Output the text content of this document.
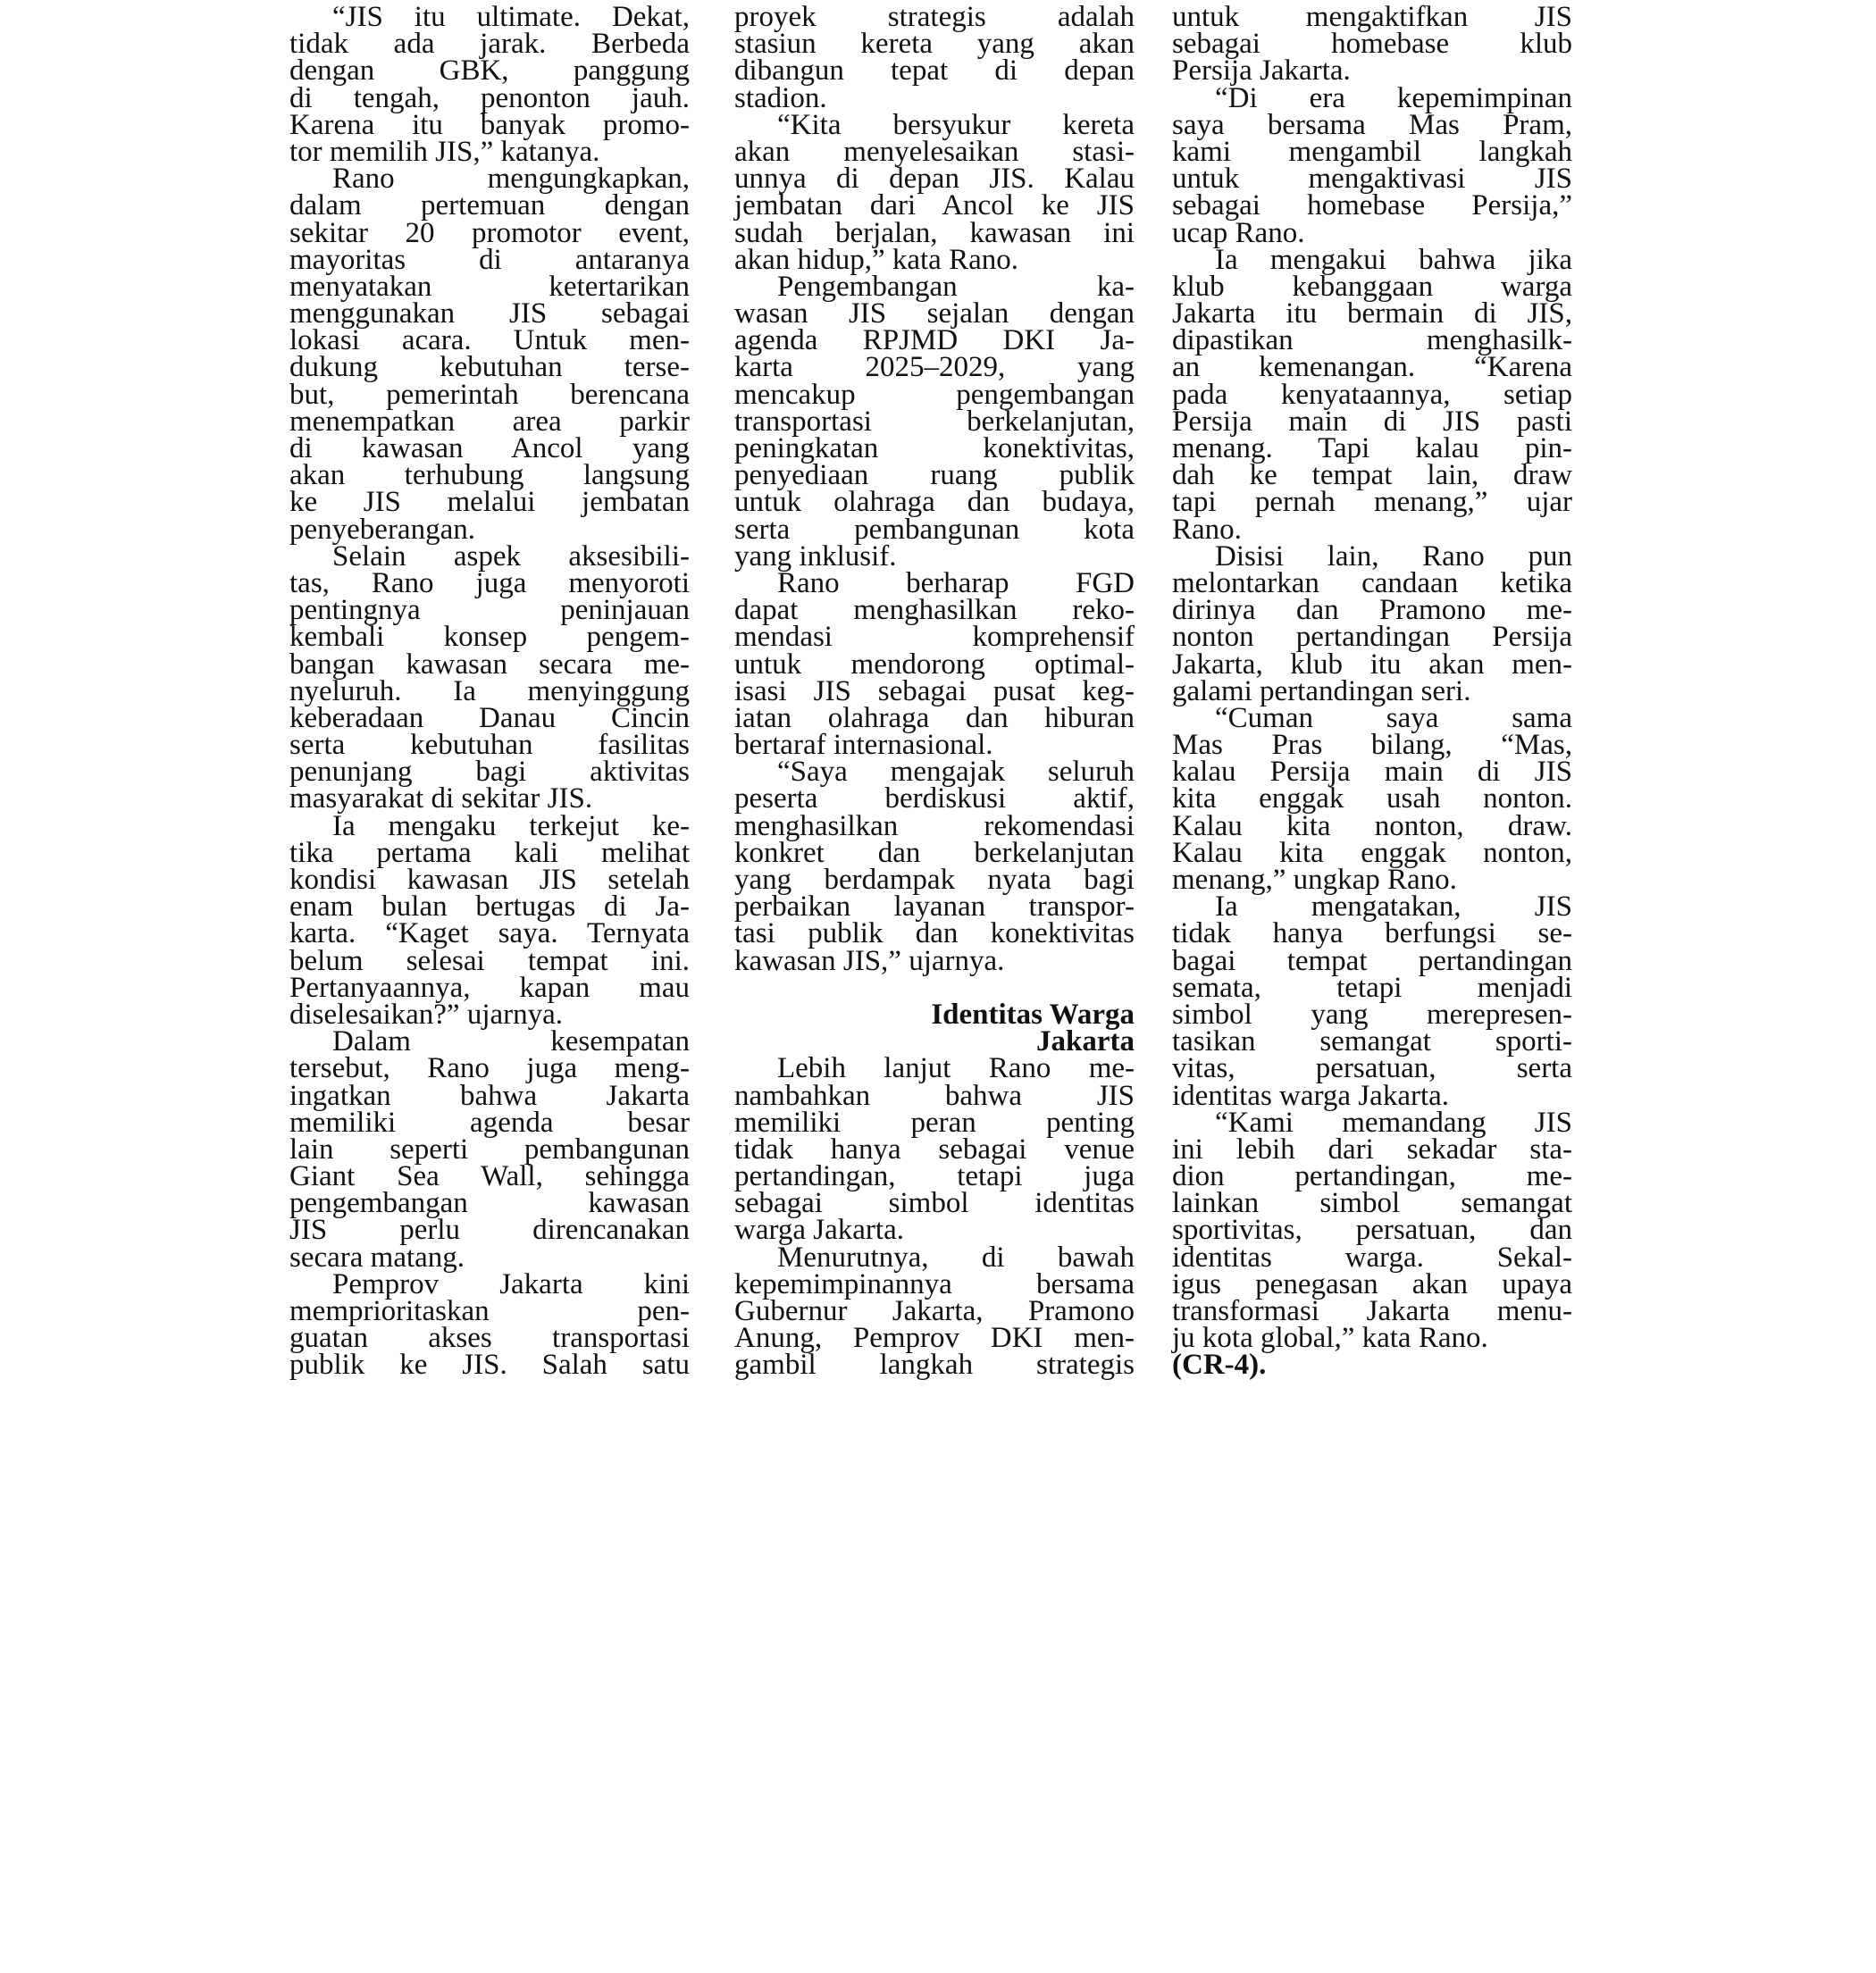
“JIS itu ultimate. Dekat,
tidak ada jarak. Berbeda
dengan GBK, panggung
di tengah, penonton jauh.
Karena itu banyak promo-
tor memilih JIS,” katanya.
Rano mengungkapkan,
dalam pertemuan dengan
sekitar 20 promotor event,
mayoritas di antaranya
menyatakan ketertarikan
menggunakan JIS sebagai
lokasi acara. Untuk men-
dukung kebutuhan terse-
but, pemerintah berencana
menempatkan area parkir
di kawasan Ancol yang
akan terhubung langsung
ke JIS melalui jembatan
penyeberangan.
Selain aspek aksesibili-
tas, Rano juga menyoroti
pentingnya peninjauan
kembali konsep pengem-
bangan kawasan secara me-
nyeluruh. Ia menyinggung
keberadaan Danau Cincin
serta kebutuhan fasilitas
penunjang bagi aktivitas
masyarakat di sekitar JIS.
Ia mengaku terkejut ke-
tika pertama kali melihat
kondisi kawasan JIS setelah
enam bulan bertugas di Ja-
karta. “Kaget saya. Ternyata
belum selesai tempat ini.
Pertanyaannya, kapan mau
diselesaikan?” ujarnya.
Dalam kesempatan
tersebut, Rano juga meng-
ingatkan bahwa Jakarta
memiliki agenda besar
lain seperti pembangunan
Giant Sea Wall, sehingga
pengembangan kawasan
JIS perlu direncanakan
secara matang.
Pemprov Jakarta kini
memprioritaskan pen-
guatan akses transportasi
publik ke JIS. Salah satu
proyek strategis adalah
stasiun kereta yang akan
dibangun tepat di depan
stadion.
“Kita bersyukur kereta
akan menyelesaikan stasi-
unnya di depan JIS. Kalau
jembatan dari Ancol ke JIS
sudah berjalan, kawasan ini
akan hidup,” kata Rano.
Pengembangan ka-
wasan JIS sejalan dengan
agenda RPJMD DKI Ja-
karta 2025–2029, yang
mencakup pengembangan
transportasi berkelanjutan,
peningkatan konektivitas,
penyediaan ruang publik
untuk olahraga dan budaya,
serta pembangunan kota
yang inklusif.
Rano berharap FGD
dapat menghasilkan reko-
mendasi komprehensif
untuk mendorong optimal-
isasi JIS sebagai pusat keg-
iatan olahraga dan hiburan
bertaraf internasional.
“Saya mengajak seluruh
peserta berdiskusi aktif,
menghasilkan rekomendasi
konkret dan berkelanjutan
yang berdampak nyata bagi
perbaikan layanan transpor-
tasi publik dan konektivitas
kawasan JIS,” ujarnya.
Identitas Warga
Jakarta
Lebih lanjut Rano me-
nambahkan bahwa JIS
memiliki peran penting
tidak hanya sebagai venue
pertandingan, tetapi juga
sebagai simbol identitas
warga Jakarta.
Menurutnya, di bawah
kepemimpinannya bersama
Gubernur Jakarta, Pramono
Anung, Pemprov DKI men-
gambil langkah strategis
untuk mengaktifkan JIS
sebagai homebase klub
Persija Jakarta.
“Di era kepemimpinan
saya bersama Mas Pram,
kami mengambil langkah
untuk mengaktivasi JIS
sebagai homebase Persija,”
ucap Rano.
Ia mengakui bahwa jika
klub kebanggaan warga
Jakarta itu bermain di JIS,
dipastikan menghasilk-
an kemenangan. “Karena
pada kenyataannya, setiap
Persija main di JIS pasti
menang. Tapi kalau pin-
dah ke tempat lain, draw
tapi pernah menang,” ujar
Rano.
Disisi lain, Rano pun
melontarkan candaan ketika
dirinya dan Pramono me-
nonton pertandingan Persija
Jakarta, klub itu akan men-
galami pertandingan seri.
“Cuman saya sama
Mas Pras bilang, “Mas,
kalau Persija main di JIS
kita enggak usah nonton.
Kalau kita nonton, draw.
Kalau kita enggak nonton,
menang,” ungkap Rano.
Ia mengatakan, JIS
tidak hanya berfungsi se-
bagai tempat pertandingan
semata, tetapi menjadi
simbol yang merepresen-
tasikan semangat sporti-
vitas, persatuan, serta
identitas warga Jakarta.
“Kami memandang JIS
ini lebih dari sekadar sta-
dion pertandingan, me-
lainkan simbol semangat
sportivitas, persatuan, dan
identitas warga. Sekal-
igus penegasan akan upaya
transformasi Jakarta menu-
ju kota global,” kata Rano.
(CR-4).
